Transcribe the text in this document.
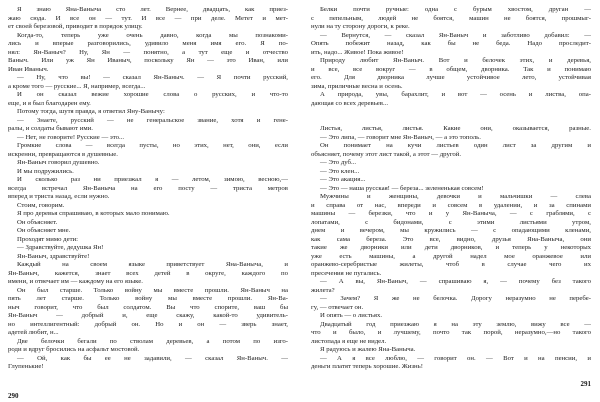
Я знаю Яна-Ваныча сто лет. Вернее, двадцать, как приез-
жаю сюда. И все он — тут. И все — при деле. Метет и мет-
ет своей березовой, приводит в порядок улицу.
Когда-то, теперь уже очень давно, когда мы познакоми-
лись и вперые разговорились, удивило меня имя его. Я по-
нял: Ян-Ваныч? Ну, Ян — понятно, а тут еще и отчество
Ваныч. Или уж Ян Иваныч, поскольку Ян — это Иван, или
Иван Иваныч.
— Ну, что вы! — сказал Ян-Ваныч. — Я почти русский,
а кроме того — русские... Я, например, всегда...
И он сказал вежие хорошие слова о русских, и что-то
еще, и я был благодарен ему.
Потому тогда, шутя правда, я ответил Яну-Ванычу:
— Знаете, русский — не генеральское звание, хотя и гене-
ралы, и солдаты бывают ими.
— Нет, не говорите! Русские — это...
Громкие слова — всегда пусты, но этих, нет, они, если
искренни, превращаются в душевные.
Ян-Ваныч говорил душевно.
И мы подружились.
И сколько раз ни приезжал я — летом, зимою, весною,—
всегда встречал Ян-Ваныча на его посту — триста метров
вперед и триста назад, если нужно.
Стоим, говорим.
Я про деревья спрашиваю, в которых мало понимаю.
Он объясняет.
Он объясняет мне.
Проходят мимо дети:
— Здравствуйте, дедушка Ян!
Ян-Ваныч, здравствуйте!
Каждый на своем языке приветствует Яна-Ваныча, и
Ян-Ваныч, кажется, знает всех детей в округе, каждого по
имени, и отвечает им — каждому на его языке.
Он был старше. Только войну мы вместе прошли. Ян-Ваныч на
пять лет старше. Только войну мы вместе прошли. Ян-Ва-
ныч говорит, что был солдатом. Вы что спорите, ваш бы
Ян-Ваныч — добрый и, еще скажу, какой-то удивитель-
но интеллигентный: добрый он. Но и он — зверь знает,
адетей любит, н...
Две белочки бегали по стволам деревьев, а потом по изго-
роди и вдруг бросились на асфальт мостовой.
— Ой, как бы ее не задавили, — сказал Ян-Ваныч. —
Глупенькие!
290
Белки почти ручные: одна с бурым хвостом, друган —
с пепельным, людей не боятся, машин не боятся, прошмыг-
нули на ту сторону дороги, к реке.
— Вернутся, — сказал Ян-Ваныч и заботливо добавил: —
Опять побежит назад, как бы не беда. Надо проследит-
ить, надо... Живое! Пока живое!
Природу любит Ян-Ваныч. Вот и белочек этих, и деревья,
и все, все вокруг — в общем, дворника. Так и понимаю
его. Для дворника лучше устойчивое лето, устойчивая
зима, приличные весна и осень.
А природа, увы, барахлит, и вот — осень и листва, опа-
дающая со всех деревьев...
Листья, листья, листья. Какие они, оказывается, разные.
— Это липа, — говорит мне Ян-Ваныч, — а это тополь.
Он понимает на кучи листьев один лист за другим и
объясняет, почему этот лист такой, а этот — другой.
— Это дуб...
— Это клен...
— Это акация...
— Это — наша русская! — береза... зелененькая совсем!
Мужчины и женщины, девочки и мальчишки — слева
и справа от нас, впереди и совсем в удалении, и за спинами
машины — березки, что и у Ян-Ваныча, — с граблями, с
лопатами, с бидонами, с этими листьями утром,
днем и вечером, мы кружились — с опадающими кленами,
как сама береза. Это все, видно, друзья Яна-Ваныча, они
такие же дворники или дети дворников, и теперь у некоторых
уже есть машины, а другой надел мое оранжевое или
оранжево-серебристые жилеты, чтоб в случае чего их
пресечения не пугались.
— А вы, Ян-Ваныч, — спрашиваю я, — почему без такого
жилета?
— Зачем? Я же не белочка. Дорогу неразумно не перебе-
гу, — отвечает он.
И опять — о листьях.
Двадцатый год приезжаю я на эту землю, вижу все —
что и было, и лучшему, почто так порой, неразумно,—но такого
листопада я еще не видел.
Я радуюсь и жалею Яна-Ваныча.
— А я все люблю, — говорит он. — Вот и на пенсии, и
деньги платят теперь хорошие. Жизнь!
291
